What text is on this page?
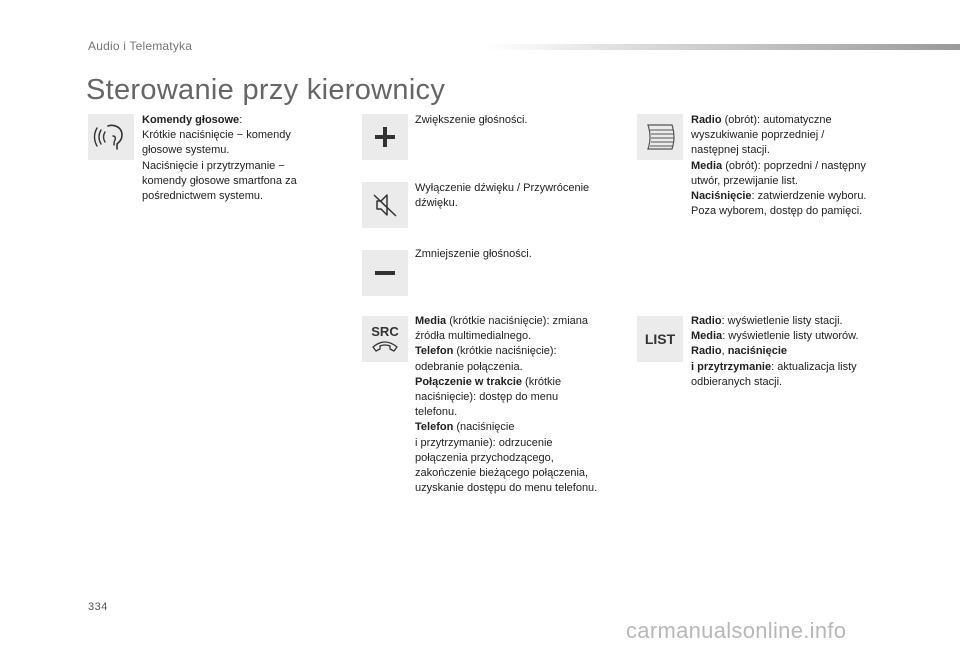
Audio i Telematyka
Sterowanie przy kierownicy
Komendy głosowe:
Krótkie naciśnięcie − komendy
głosowe systemu.
Naciśnięcie i przytrzymanie −
komendy głosowe smartfona za
pośrednictwem systemu.
Zwiększenie głośności.
Wyłączenie dźwięku / Przywrócenie
dźwięku.
Zmniejszenie głośności.
SRC
Media (krótkie naciśnięcie): zmiana
źródła multimedialnego.
Telefon (krótkie naciśnięcie):
odebranie połączenia.
Połączenie w trakcie (krótkie
naciśnięcie): dostęp do menu
telefonu.
Telefon (naciśnięcie
i przytrzymanie): odrzucenie
połączenia przychodzącego,
zakończenie bieżącego połączenia,
uzyskanie dostępu do menu telefonu.
Radio (obrót): automatyczne
wyszukiwanie poprzedniej /
następnej stacji.
Media (obrót): poprzedni / następny
utwór, przewijanie list.
Naciśnięcie: zatwierdzenie wyboru.
Poza wyborem, dostęp do pamięci.
LIST
Radio: wyświetlenie listy stacji.
Media: wyświetlenie listy utworów.
Radio, naciśnięcie
i przytrzymanie: aktualizacja listy
odbieranych stacji.
334
carmanualsonline.info
